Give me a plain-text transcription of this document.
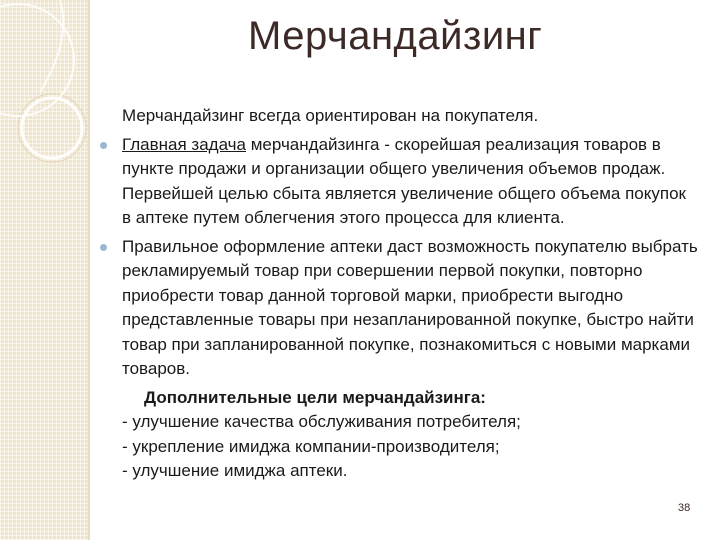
Мерчандайзинг

Мерчандайзинг всегда ориентирован на покупателя.

Главная задача мерчандайзинга - скорейшая реализация товаров в пункте продажи и организации общего увеличения объемов продаж. Первейшей целью сбыта является увеличение общего объема покупок в аптеке путем облегчения этого процесса для клиента.
Правильное оформление аптеки даст возможность покупателю выбрать рекламируемый товар при совершении первой покупки, повторно приобрести товар данной торговой марки, приобрести выгодно представленные товары при незапланированной покупке, быстро найти товар при запланированной покупке, познакомиться с новыми марками товаров.
Дополнительные цели мерчандайзинга:
- улучшение качества обслуживания потребителя;
- укрепление имиджа компании-производителя;
- улучшение имиджа аптеки.
38
